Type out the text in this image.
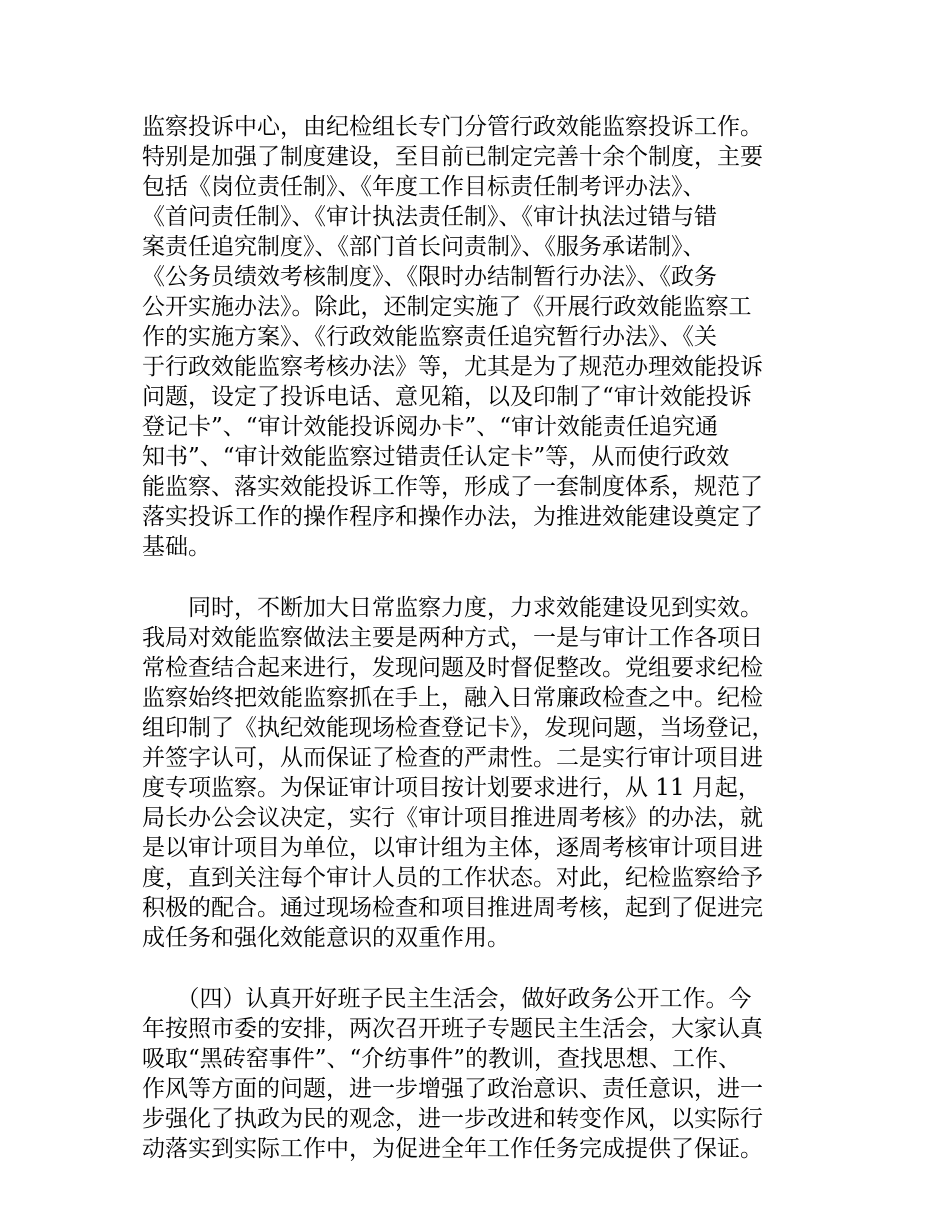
监察投诉中心，由纪检组长专门分管行政效能监察投诉工作。
特别是加强了制度建设，至目前已制定完善十余个制度，主要
包括《岗位责任制》、《年度工作目标责任制考评办法》、
《首问责任制》、《审计执法责任制》、《审计执法过错与错
案责任追究制度》、《部门首长问责制》、《服务承诺制》、
《公务员绩效考核制度》、《限时办结制暂行办法》、《政务
公开实施办法》。除此，还制定实施了《开展行政效能监察工
作的实施方案》、《行政效能监察责任追究暂行办法》、《关
于行政效能监察考核办法》等，尤其是为了规范办理效能投诉
问题，设定了投诉电话、意见箱，以及印制了“审计效能投诉
登记卡”、“审计效能投诉阅办卡”、“审计效能责任追究通
知书”、“审计效能监察过错责任认定卡”等，从而使行政效
能监察、落实效能投诉工作等，形成了一套制度体系，规范了
落实投诉工作的操作程序和操作办法，为推进效能建设奠定了
基础。
　　同时，不断加大日常监察力度，力求效能建设见到实效。
我局对效能监察做法主要是两种方式，一是与审计工作各项日
常检查结合起来进行，发现问题及时督促整改。党组要求纪检
监察始终把效能监察抓在手上，融入日常廉政检查之中。纪检
组印制了《执纪效能现场检查登记卡》，发现问题，当场登记，
并签字认可，从而保证了检查的严肃性。二是实行审计项目进
度专项监察。为保证审计项目按计划要求进行，从 11 月起，
局长办公会议决定，实行《审计项目推进周考核》的办法，就
是以审计项目为单位，以审计组为主体，逐周考核审计项目进
度，直到关注每个审计人员的工作状态。对此，纪检监察给予
积极的配合。通过现场检查和项目推进周考核，起到了促进完
成任务和强化效能意识的双重作用。
　　（四）认真开好班子民主生活会，做好政务公开工作。今
年按照市委的安排，两次召开班子专题民主生活会，大家认真
吸取“黑砖窑事件”、“介纺事件”的教训，查找思想、工作、
作风等方面的问题，进一步增强了政治意识、责任意识，进一
步强化了执政为民的观念，进一步改进和转变作风，以实际行
动落实到实际工作中，为促进全年工作任务完成提供了保证。
